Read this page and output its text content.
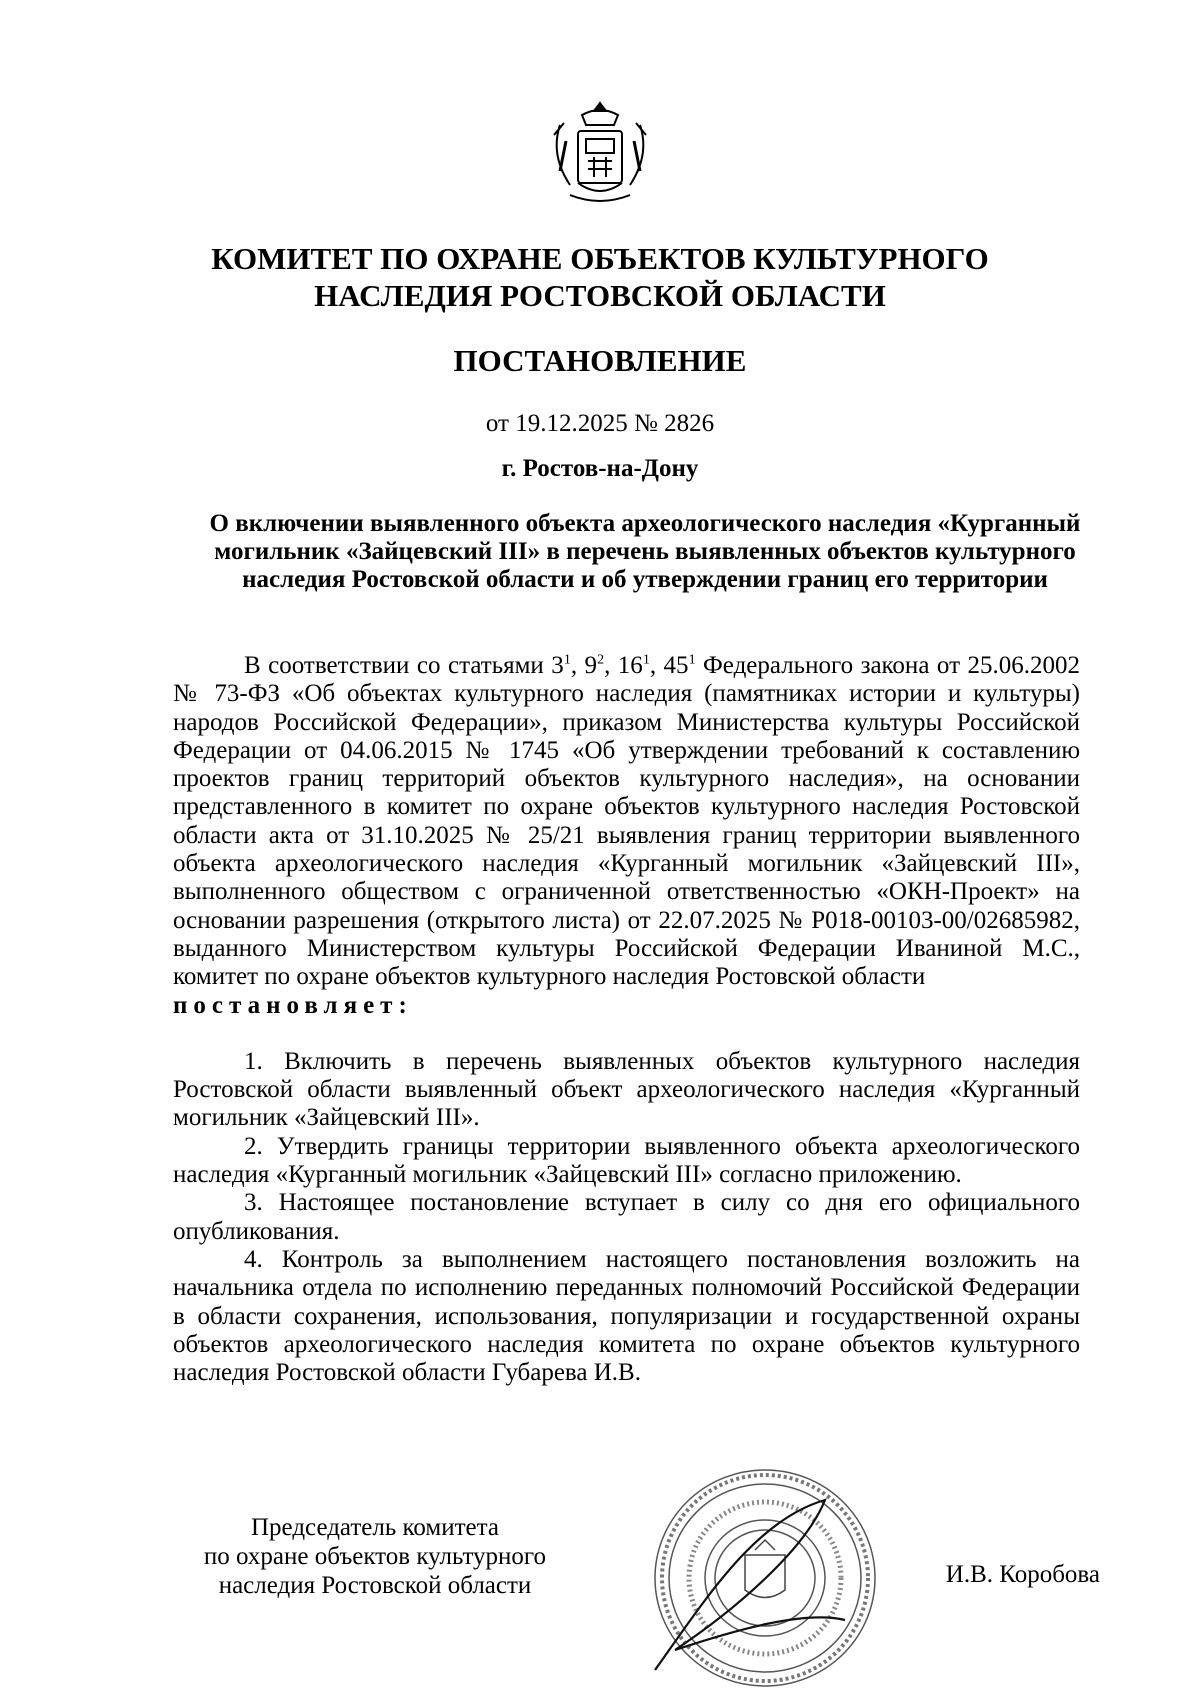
КОМИТЕТ ПО ОХРАНЕ ОБЪЕКТОВ КУЛЬТУРНОГО
НАСЛЕДИЯ РОСТОВСКОЙ ОБЛАСТИ
ПОСТАНОВЛЕНИЕ
от 19.12.2025 № 2826
г. Ростов-на-Дону
О включении выявленного объекта археологического наследия «Курганный могильник «Зайцевский III» в перечень выявленных объектов культурного наследия Ростовской области и об утверждении границ его территории

В соответствии со статьями $3^1$, $9^2$, $16^1$, $45^1$ Федерального закона от 25.06.2002 № 73-ФЗ «Об объектах культурного наследия (памятниках истории и культуры) народов Российской Федерации», приказом Министерства культуры Российской Федерации от 04.06.2015 № 1745 «Об утверждении требований к составлению проектов границ территорий объектов культурного наследия», на основании представленного в комитет по охране объектов культурного наследия Ростовской области акта от 31.10.2025 № 25/21 выявления границ территории выявленного объекта археологического наследия «Курганный могильник «Зайцевский III», выполненного обществом с ограниченной ответственностью «ОКН-Проект» на основании разрешения (открытого листа) от 22.07.2025 № Р018-00103-00/02685982, выданного Министерством культуры Российской Федерации Иваниной М.С., комитет по охране объектов культурного наследия Ростовской области

постановляет:

1. Включить в перечень выявленных объектов культурного наследия Ростовской области выявленный объект археологического наследия «Курганный могильник «Зайцевский III».

2. Утвердить границы территории выявленного объекта археологического наследия «Курганный могильник «Зайцевский III» согласно приложению.

3. Настоящее постановление вступает в силу со дня его официального опубликования.

4. Контроль за выполнением настоящего постановления возложить на начальника отдела по исполнению переданных полномочий Российской Федерации в области сохранения, использования, популяризации и государственной охраны объектов археологического наследия комитета по охране объектов культурного наследия Ростовской области Губарева И.В.

Председатель комитета
по охране объектов культурного
наследия Ростовской области	И.В. Коробова
